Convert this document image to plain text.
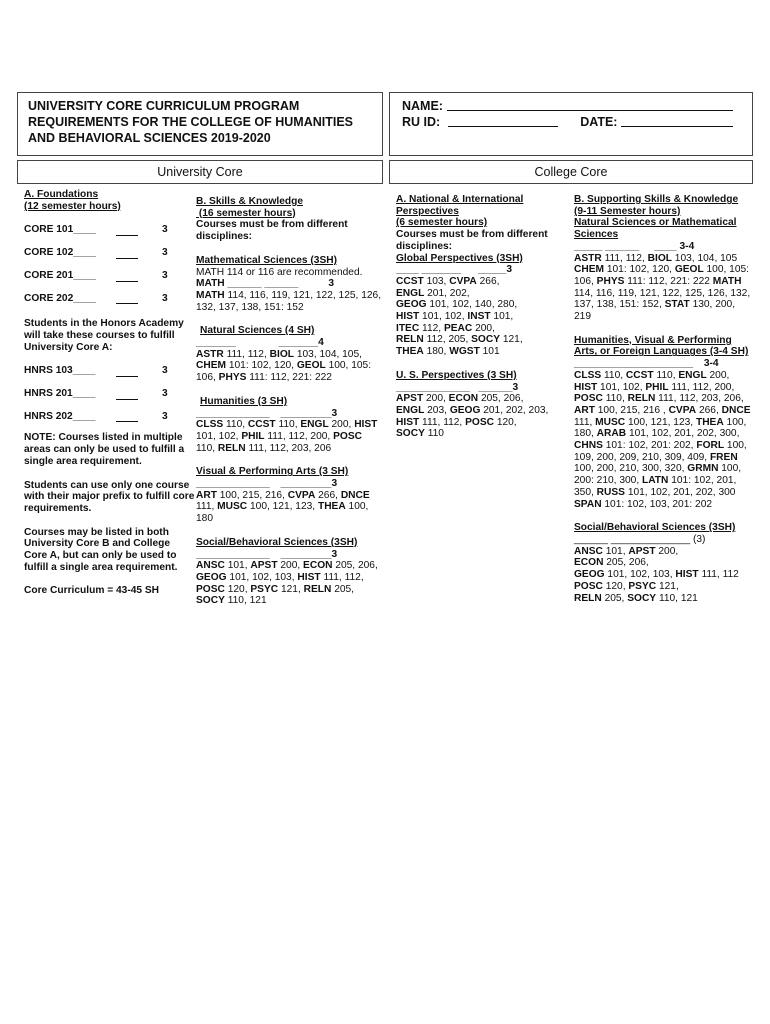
UNIVERSITY CORE CURRICULUM PROGRAM
REQUIREMENTS FOR THE COLLEGE OF HUMANITIES
AND BEHAVIORAL SCIENCES 2019-2020
NAME:
RU ID:	DATE:
University Core	College Core
A. Foundations
(12 semester hours)
CORE 101____	3
CORE 102____	3
CORE 201____	3
CORE 202____	3

Students in the Honors Academy will take these courses to fulfill University Core A:

HNRS 103____	3
HNRS 201____	3
HNRS 202____	3

NOTE: Courses listed in multiple areas can only be used to fulfill a single area requirement.

Students can use only one course with their major prefix to fulfill core requirements.

Courses may be listed in both University Core B and College Core A, but can only be used to fulfill a single area requirement.

Core Curriculum = 43-45 SH

B. Skills & Knowledge
(16 semester hours)
Courses must be from different disciplines:
Mathematical Sciences (3SH)
MATH 114 or 116 are recommended.
MATH ______ ______	3
MATH 114, 116, 119, 121, 122, 125, 126, 132, 137, 138, 151: 152
Natural Sciences (4 SH)
_______	_______4
ASTR 111, 112, BIOL 103, 104, 105, CHEM 101: 102, 120, GEOL 100, 105: 106, PHYS 111: 112, 221: 222
Humanities (3 SH)
_____________ _________3
CLSS 110, CCST 110, ENGL 200, HIST 101, 102, PHIL 111, 112, 200, POSC 110, RELN 111, 112, 203, 206
Visual & Performing Arts (3 SH)
_____________ _________3
ART 100, 215, 216, CVPA 266, DNCE 111, MUSC 100, 121, 123, THEA 100, 180
Social/Behavioral Sciences (3SH)
_____________ _________3
ANSC 101, APST 200, ECON 205, 206, GEOG 101, 102, 103, HIST 111, 112, POSC 120, PSYC 121, RELN 205, SOCY 110, 121
A. National & International Perspectives
(6 semester hours)
Courses must be from different disciplines:
Global Perspectives (3SH)
____ _______ _____3
CCST 103, CVPA 266,
ENGL 201, 202,
GEOG 101, 102, 140, 280,
HIST 101, 102, INST 101,
ITEC 112, PEAC 200,
RELN 112, 205, SOCY 121,
THEA 180, WGST 101
U. S. Perspectives (3 SH)
_____________ ______3
APST 200, ECON 205, 206,
ENGL 203, GEOG 201, 202, 203,
HIST 111, 112, POSC 120,
SOCY 110
B. Supporting Skills & Knowledge
(9-11 Semester hours)
Natural Sciences or Mathematical Sciences
_____ ______ ____ 3-4
ASTR 111, 112, BIOL 103, 104, 105 CHEM 101: 102, 120, GEOL 100, 105: 106, PHYS 111: 112, 221: 222 MATH 114, 116, 119, 121, 122, 125, 126, 132, 137, 138, 151: 152, STAT 130, 200, 219
Humanities, Visual & Performing Arts, or Foreign Languages (3-4 SH)
_____________________ 3-4
CLSS 110, CCST 110, ENGL 200, HIST 101, 102, PHIL 111, 112, 200, POSC 110, RELN 111, 112, 203, 206, ART 100, 215, 216 , CVPA 266, DNCE 111, MUSC 100, 121, 123, THEA 100, 180, ARAB 101, 102, 201, 202, 300, CHNS 101: 102, 201: 202, FORL 100, 109, 200, 209, 210, 309, 409, FREN 100, 200, 210, 300, 320, GRMN 100, 200: 210, 300, LATN 101: 102, 201, 350, RUSS 101, 102, 201, 202, 300 SPAN 101: 102, 103, 201: 202
Social/Behavioral Sciences (3SH)
______ ______________ (3)
ANSC 101, APST 200,
ECON 205, 206,
GEOG 101, 102, 103, HIST 111, 112
POSC 120, PSYC 121,
RELN 205, SOCY 110, 121
